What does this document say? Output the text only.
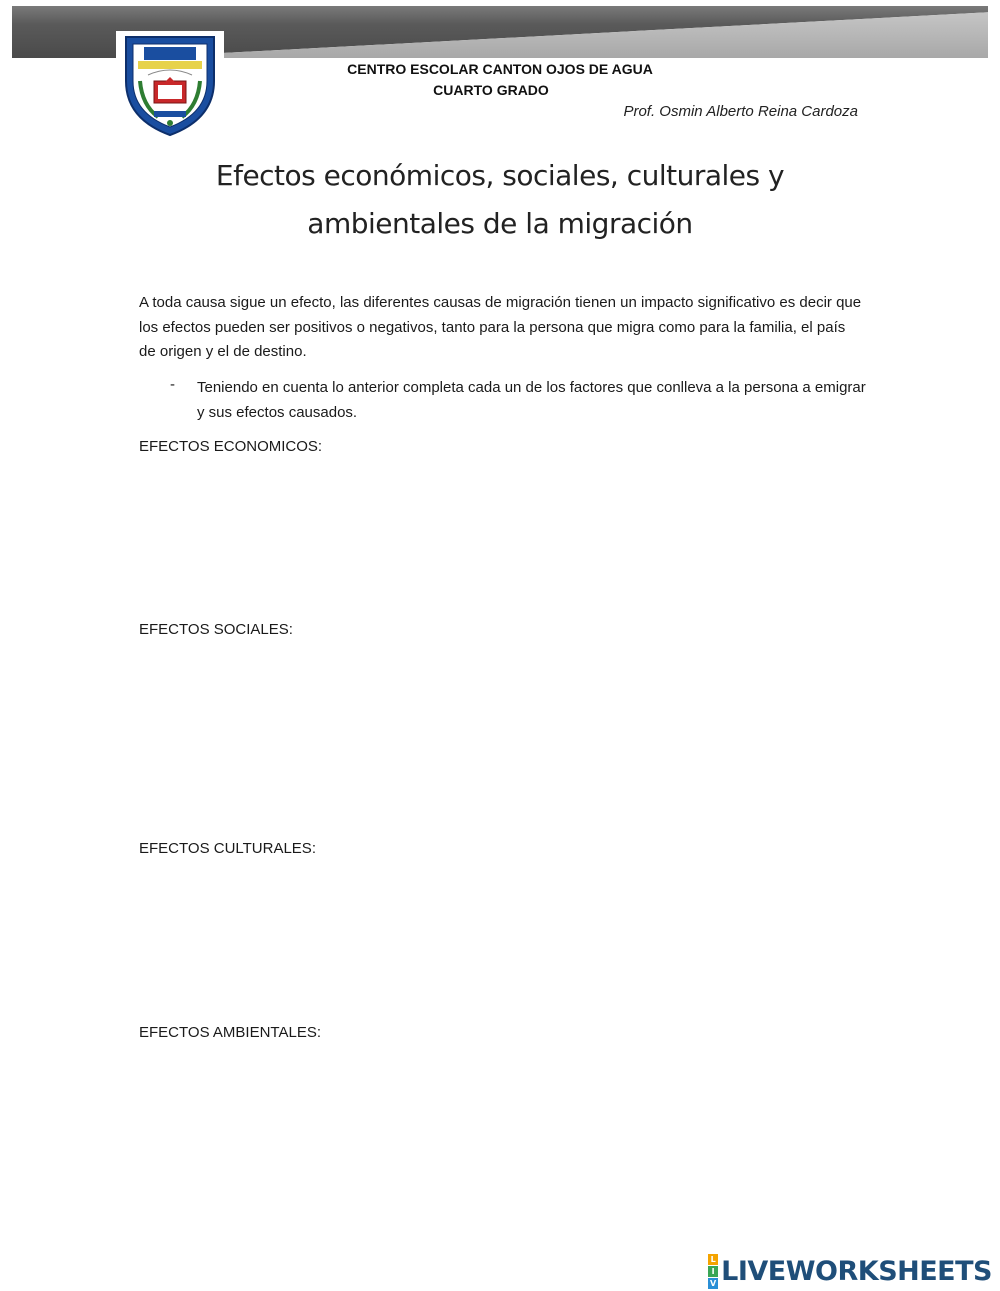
CENTRO ESCOLAR CANTON OJOS DE AGUA
CUARTO GRADO
Prof. Osmin Alberto Reina Cardoza
Efectos económicos, sociales, culturales y
ambientales de la migración

A toda causa sigue un efecto, las diferentes causas de migración tienen un impacto significativo es decir que los efectos pueden ser positivos o negativos, tanto para la persona que migra como para la familia, el país de origen y el de destino.

- Teniendo en cuenta lo anterior completa cada un de los factores que conlleva a la persona a emigrar y sus efectos causados.

EFECTOS ECONOMICOS:
EFECTOS SOCIALES:
EFECTOS CULTURALES:
EFECTOS AMBIENTALES:
L
I
V LIVEWORKSHEETS
